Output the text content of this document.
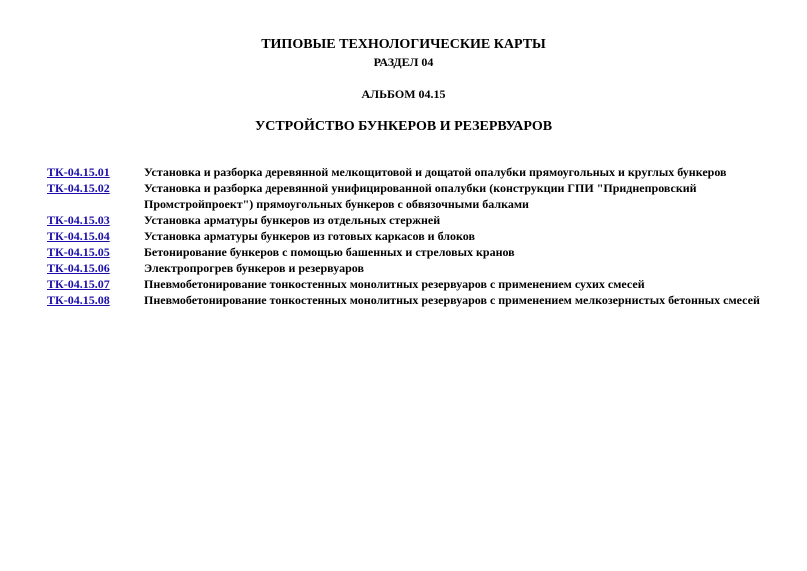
ТИПОВЫЕ ТЕХНОЛОГИЧЕСКИЕ КАРТЫ
РАЗДЕЛ 04
АЛЬБОМ 04.15
УСТРОЙСТВО БУНКЕРОВ И РЕЗЕРВУАРОВ
ТК-04.15.01	Установка и разборка деревянной мелкощитовой и дощатой опалубки прямоугольных и круглых бункеров
ТК-04.15.02	Установка и разборка деревянной унифицированной опалубки (конструкции ГПИ "Приднепровский Промстройпроект") прямоугольных бункеров с обвязочными балками
ТК-04.15.03	Установка арматуры бункеров из отдельных стержней
ТК-04.15.04	Установка арматуры бункеров из готовых каркасов и блоков
ТК-04.15.05	Бетонирование бункеров с помощью башенных и стреловых кранов
ТК-04.15.06	Электропрогрев бункеров и резервуаров
ТК-04.15.07	Пневмобетонирование тонкостенных монолитных резервуаров с применением сухих смесей
ТК-04.15.08	Пневмобетонирование тонкостенных монолитных резервуаров с применением мелкозернистых бетонных смесей
